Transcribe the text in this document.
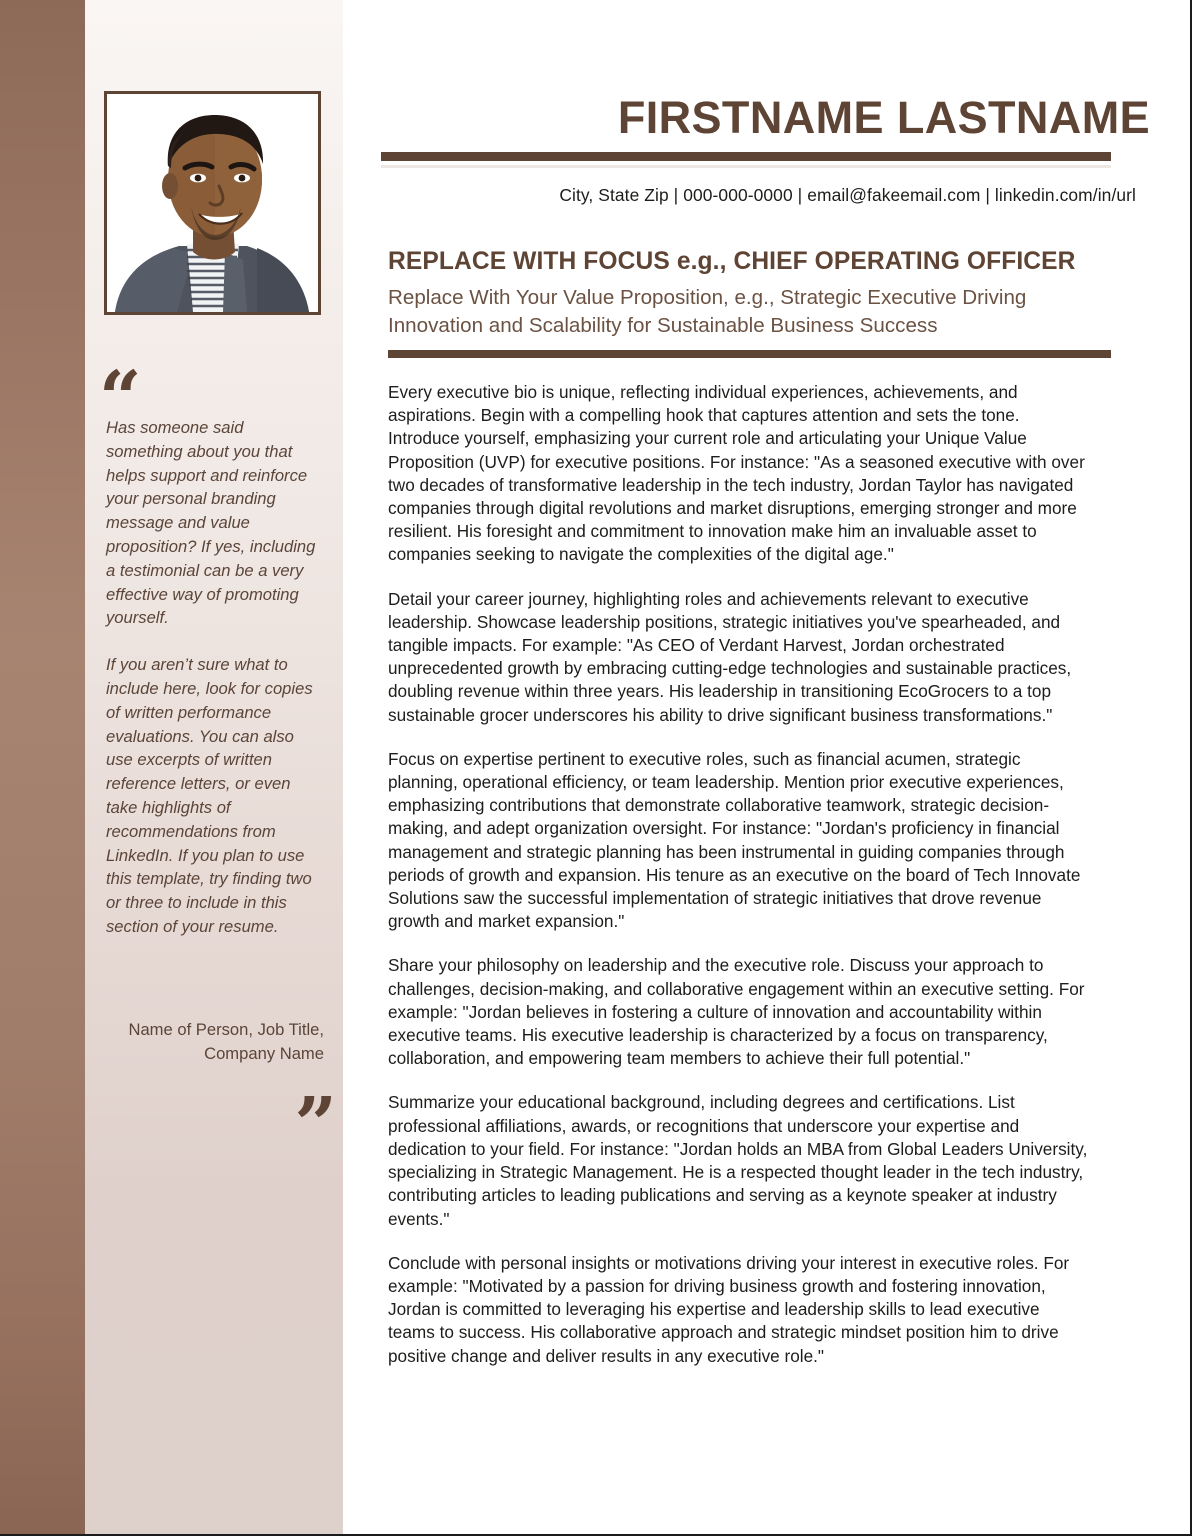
“

Has someone said something about you that helps support and reinforce your personal branding message and value proposition? If yes, including a testimonial can be a very effective way of promoting yourself.

If you aren’t sure what to include here, look for copies of written performance evaluations. You can also use excerpts of written reference letters, or even take highlights of recommendations from LinkedIn. If you plan to use this template, try finding two or three to include in this section of your resume.

Name of Person, Job Title, Company Name
”
FIRSTNAME LASTNAME
City, State Zip | 000-000-0000 | email@fakeemail.com | linkedin.com/in/url
REPLACE WITH FOCUS e.g., CHIEF OPERATING OFFICER
Replace With Your Value Proposition, e.g., Strategic Executive Driving Innovation and Scalability for Sustainable Business Success

Every executive bio is unique, reflecting individual experiences, achievements, and aspirations. Begin with a compelling hook that captures attention and sets the tone. Introduce yourself, emphasizing your current role and articulating your Unique Value Proposition (UVP) for executive positions. For instance: "As a seasoned executive with over two decades of transformative leadership in the tech industry, Jordan Taylor has navigated companies through digital revolutions and market disruptions, emerging stronger and more resilient. His foresight and commitment to innovation make him an invaluable asset to companies seeking to navigate the complexities of the digital age."

Detail your career journey, highlighting roles and achievements relevant to executive leadership. Showcase leadership positions, strategic initiatives you've spearheaded, and tangible impacts. For example: "As CEO of Verdant Harvest, Jordan orchestrated unprecedented growth by embracing cutting-edge technologies and sustainable practices, doubling revenue within three years. His leadership in transitioning EcoGrocers to a top sustainable grocer underscores his ability to drive significant business transformations."

Focus on expertise pertinent to executive roles, such as financial acumen, strategic planning, operational efficiency, or team leadership. Mention prior executive experiences, emphasizing contributions that demonstrate collaborative teamwork, strategic decision-making, and adept organization oversight. For instance: "Jordan's proficiency in financial management and strategic planning has been instrumental in guiding companies through periods of growth and expansion. His tenure as an executive on the board of Tech Innovate Solutions saw the successful implementation of strategic initiatives that drove revenue growth and market expansion."

Share your philosophy on leadership and the executive role. Discuss your approach to challenges, decision-making, and collaborative engagement within an executive setting. For example: "Jordan believes in fostering a culture of innovation and accountability within executive teams. His executive leadership is characterized by a focus on transparency, collaboration, and empowering team members to achieve their full potential."

Summarize your educational background, including degrees and certifications. List professional affiliations, awards, or recognitions that underscore your expertise and dedication to your field. For instance: "Jordan holds an MBA from Global Leaders University, specializing in Strategic Management. He is a respected thought leader in the tech industry, contributing articles to leading publications and serving as a keynote speaker at industry events."

Conclude with personal insights or motivations driving your interest in executive roles. For example: "Motivated by a passion for driving business growth and fostering innovation, Jordan is committed to leveraging his expertise and leadership skills to lead executive teams to success. His collaborative approach and strategic mindset position him to drive positive change and deliver results in any executive role."
